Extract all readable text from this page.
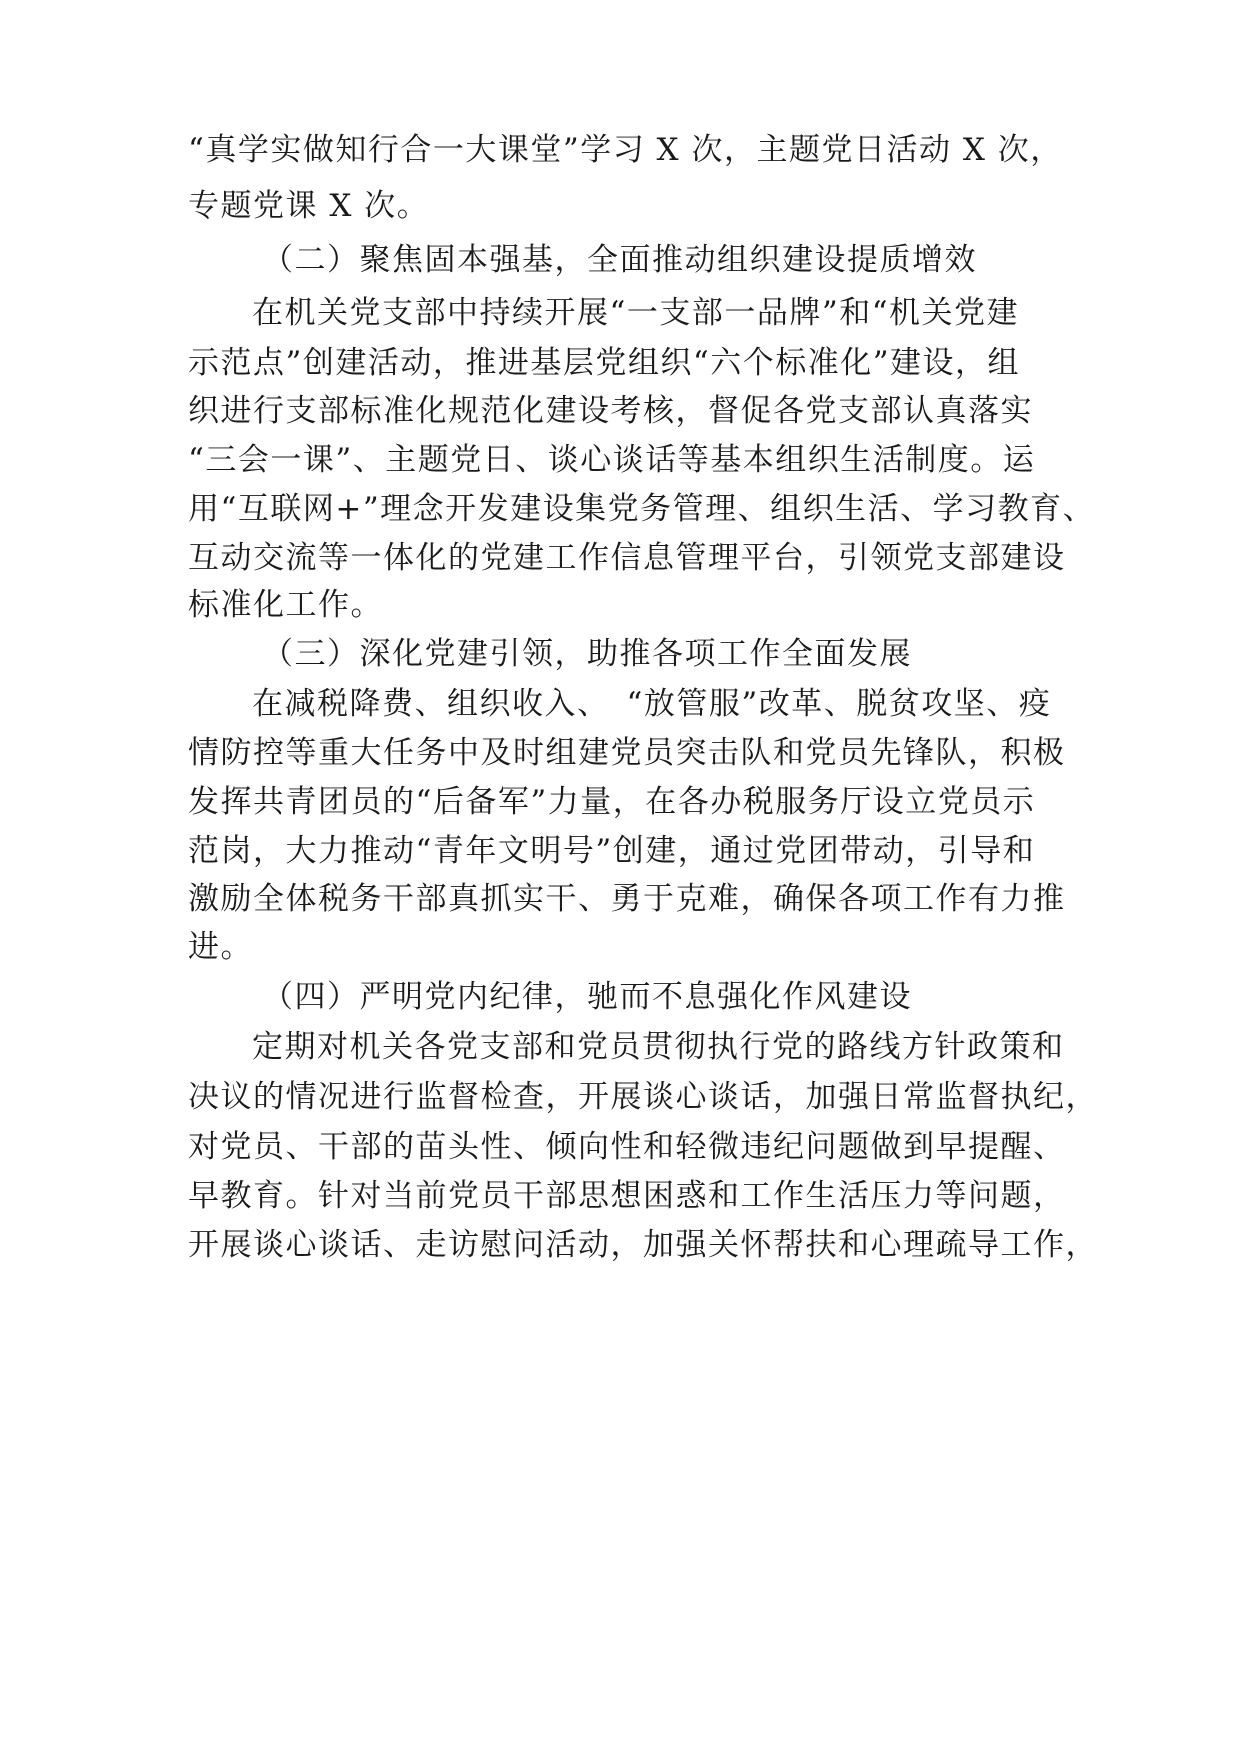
“真学实做知行合一大课堂”学习 X 次，主题党日活动 X 次，

专题党课 X 次。

（二）聚焦固本强基，全面推动组织建设提质增效

在机关党支部中持续开展“一支部一品牌”和“机关党建

示范点”创建活动，推进基层党组织“六个标准化”建设，组

织进行支部标准化规范化建设考核，督促各党支部认真落实

“三会一课”、主题党日、谈心谈话等基本组织生活制度。运

用“互联网+”理念开发建设集党务管理、组织生活、学习教育、

互动交流等一体化的党建工作信息管理平台，引领党支部建设

标准化工作。

（三）深化党建引领，助推各项工作全面发展

在减税降费、组织收入、　“放管服”改革、脱贫攻坚、疫

情防控等重大任务中及时组建党员突击队和党员先锋队，积极

发挥共青团员的“后备军”力量，在各办税服务厅设立党员示

范岗，大力推动“青年文明号”创建，通过党团带动，引导和

激励全体税务干部真抓实干、勇于克难，确保各项工作有力推

进。

（四）严明党内纪律，驰而不息强化作风建设

定期对机关各党支部和党员贯彻执行党的路线方针政策和

决议的情况进行监督检查，开展谈心谈话，加强日常监督执纪，

对党员、干部的苗头性、倾向性和轻微违纪问题做到早提醒、

早教育。针对当前党员干部思想困惑和工作生活压力等问题，

开展谈心谈话、走访慰问活动，加强关怀帮扶和心理疏导工作，
